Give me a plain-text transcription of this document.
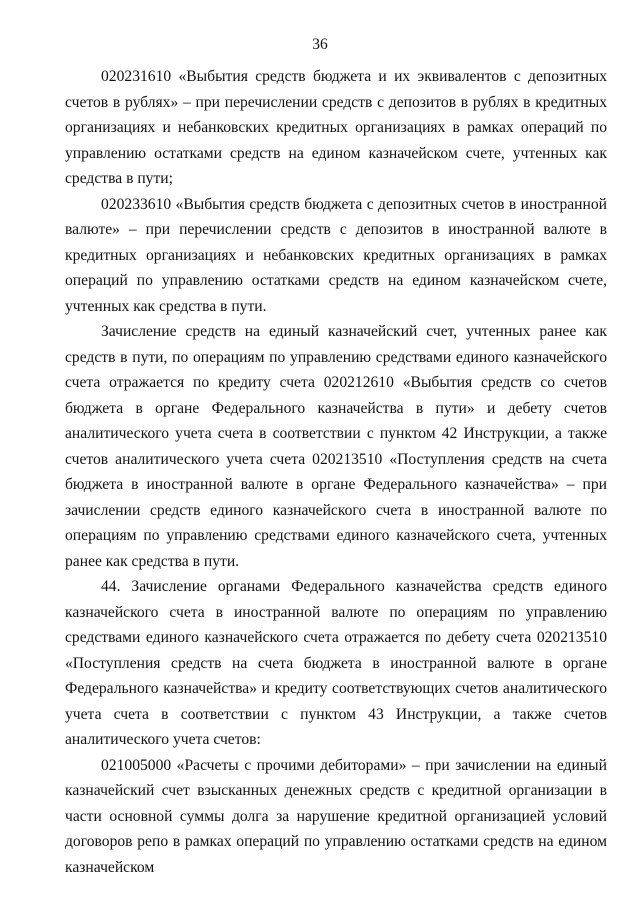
36

020231610 «Выбытия средств бюджета и их эквивалентов с депозитных счетов в рублях» – при перечислении средств с депозитов в рублях в кредитных организациях и небанковских кредитных организациях в рамках операций по управлению остатками средств на едином казначейском счете, учтенных как средства в пути;

020233610 «Выбытия средств бюджета с депозитных счетов в иностранной валюте» – при перечислении средств с депозитов в иностранной валюте в кредитных организациях и небанковских кредитных организациях в рамках операций по управлению остатками средств на едином казначейском счете, учтенных как средства в пути.

Зачисление средств на единый казначейский счет, учтенных ранее как средств в пути, по операциям по управлению средствами единого казначейского счета отражается по кредиту счета 020212610 «Выбытия средств со счетов бюджета в органе Федерального казначейства в пути» и дебету счетов аналитического учета счета в соответствии с пунктом 42 Инструкции, а также счетов аналитического учета счета 020213510 «Поступления средств на счета бюджета в иностранной валюте в органе Федерального казначейства» – при зачислении средств единого казначейского счета в иностранной валюте по операциям по управлению средствами единого казначейского счета, учтенных ранее как средства в пути.

44. Зачисление органами Федерального казначейства средств единого казначейского счета в иностранной валюте по операциям по управлению средствами единого казначейского счета отражается по дебету счета 020213510 «Поступления средств на счета бюджета в иностранной валюте в органе Федерального казначейства» и кредиту соответствующих счетов аналитического учета счета в соответствии с пунктом 43 Инструкции, а также счетов аналитического учета счетов:

021005000 «Расчеты с прочими дебиторами» – при зачислении на единый казначейский счет взысканных денежных средств с кредитной организации в части основной суммы долга за нарушение кредитной организацией условий договоров репо в рамках операций по управлению остатками средств на едином казначейском
